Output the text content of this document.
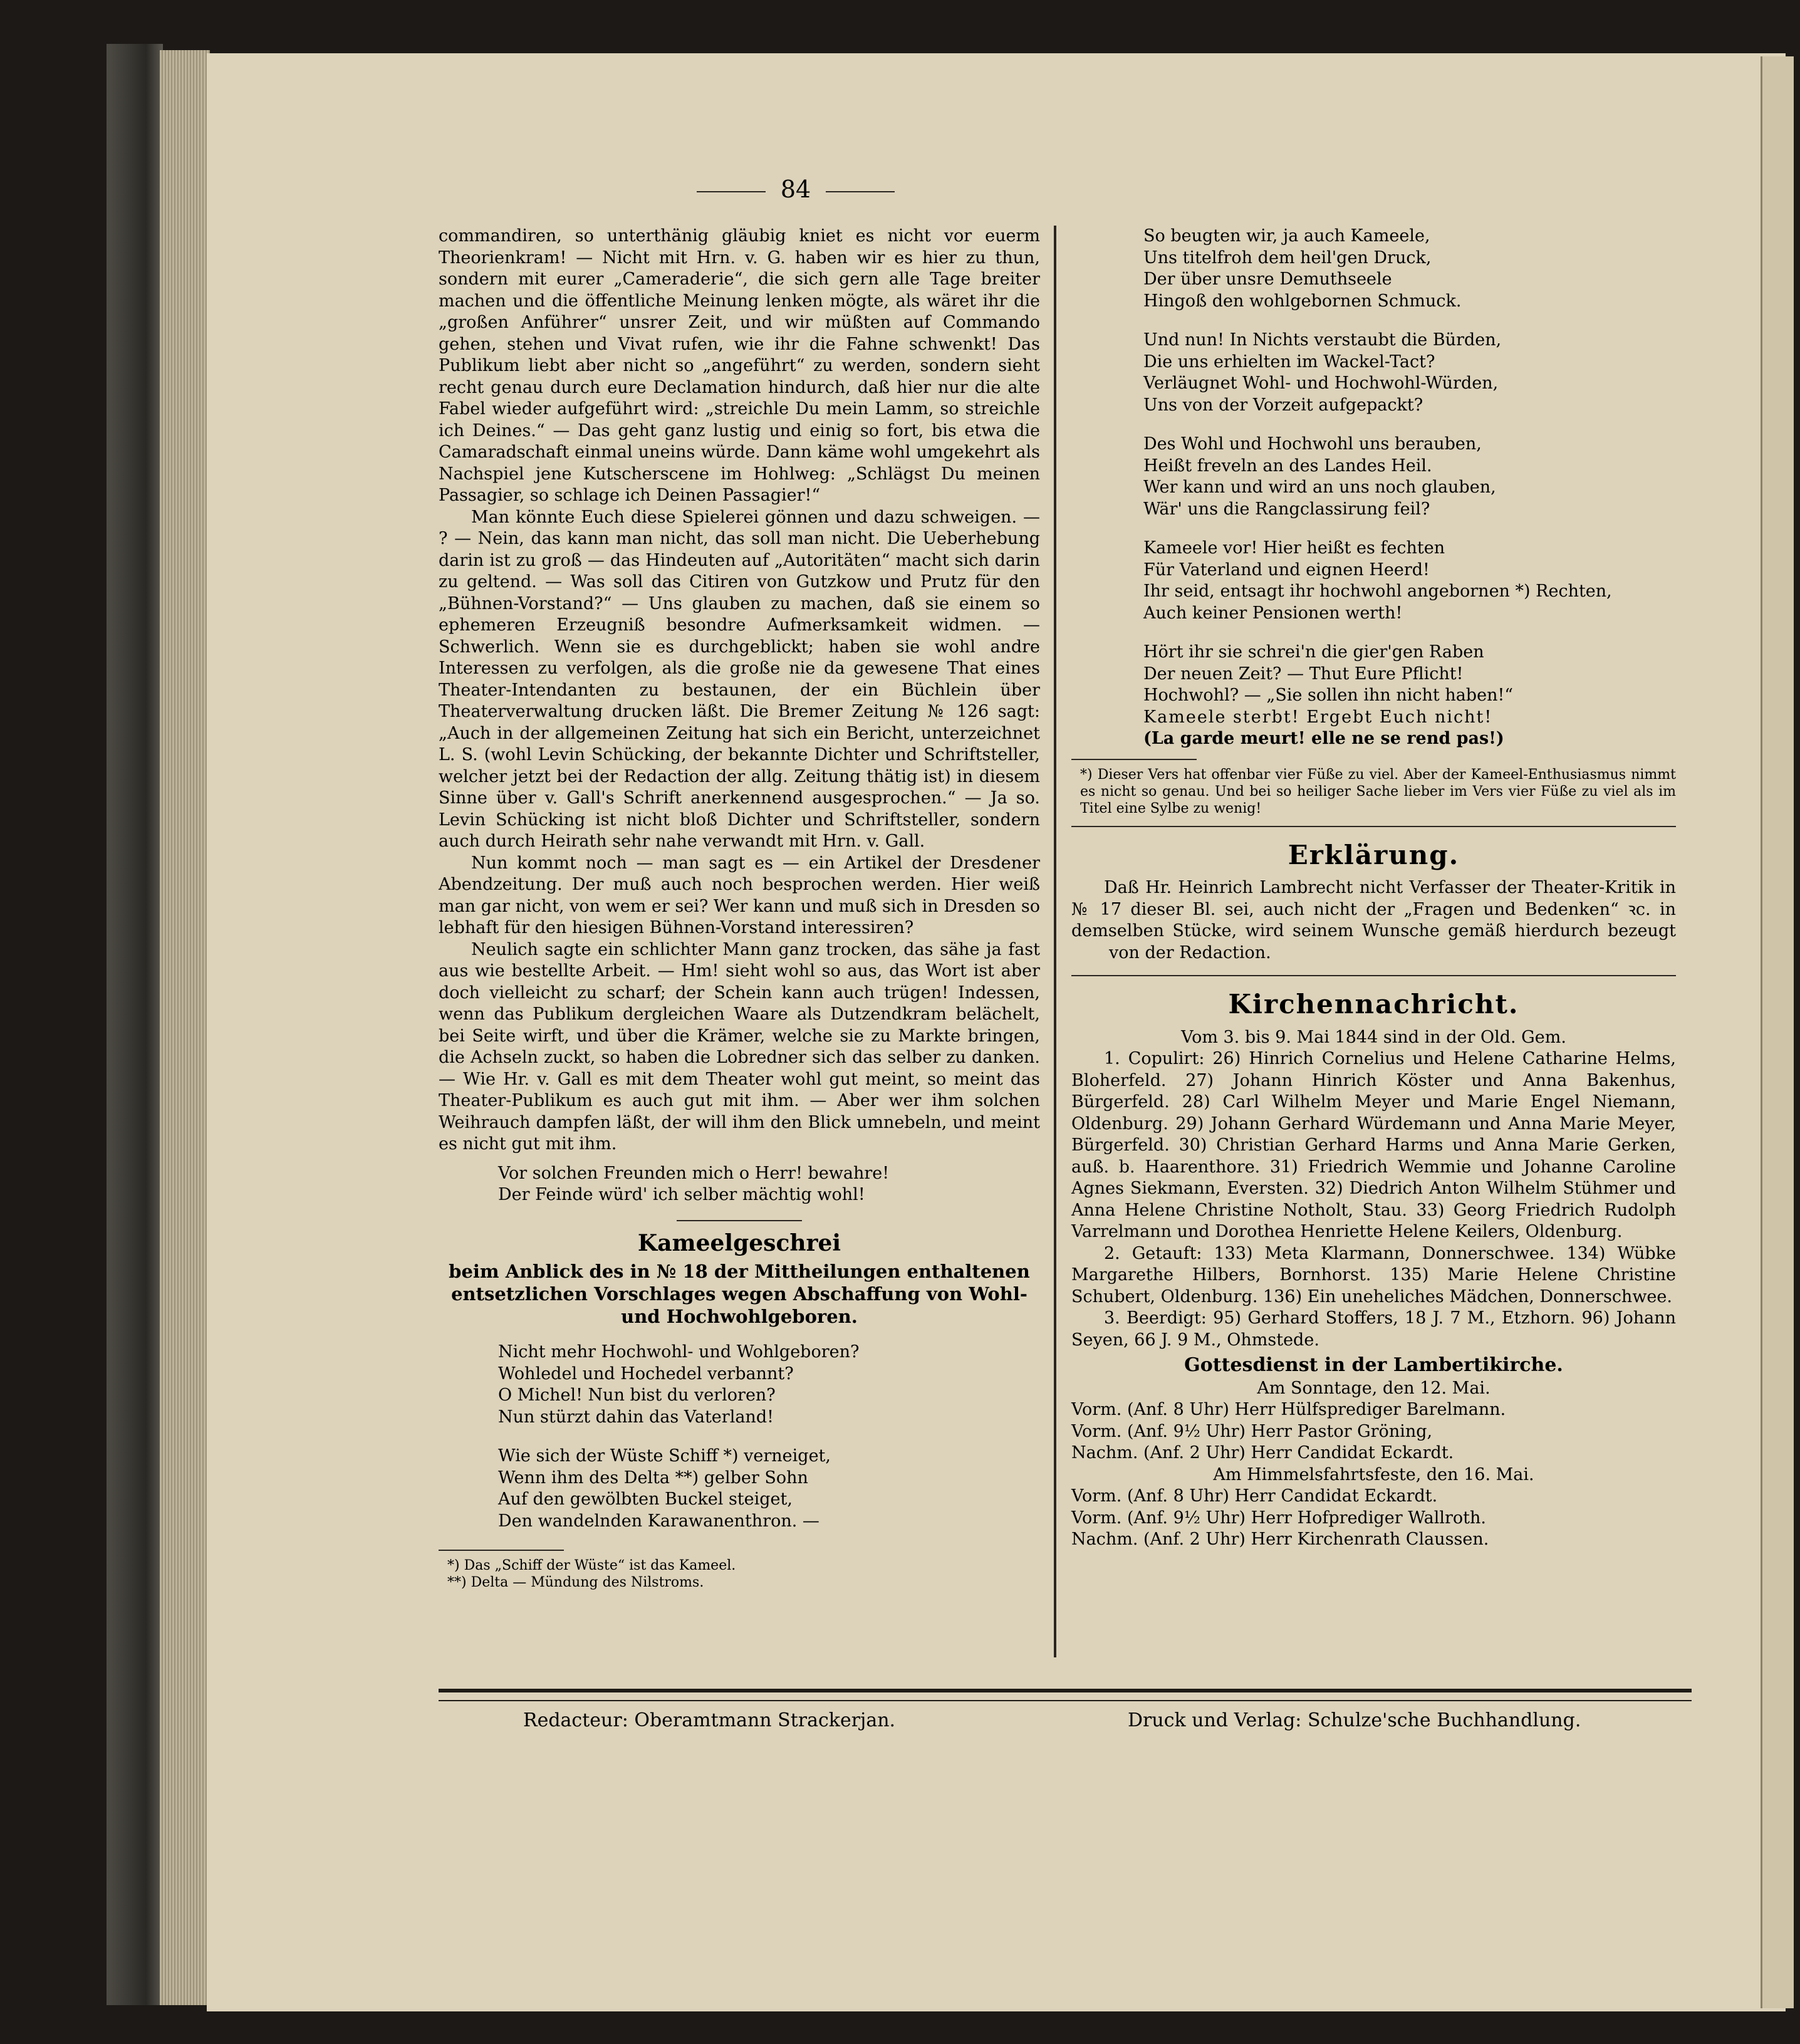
84

commandiren, so unterthänig gläubig kniet es nicht vor euerm Theorienkram! — Nicht mit Hrn. v. G. haben wir es hier zu thun, sondern mit eurer „Cameraderie“, die sich gern alle Tage breiter machen und die öffentliche Meinung lenken mögte, als wäret ihr die „großen Anführer“ unsrer Zeit, und wir müßten auf Commando gehen, stehen und Vivat rufen, wie ihr die Fahne schwenkt! Das Publikum liebt aber nicht so „angeführt“ zu werden, sondern sieht recht genau durch eure Declamation hindurch, daß hier nur die alte Fabel wieder aufgeführt wird: „streichle Du mein Lamm, so streichle ich Deines.“ — Das geht ganz lustig und einig so fort, bis etwa die Camaradschaft einmal uneins würde. Dann käme wohl umgekehrt als Nachspiel jene Kutscherscene im Hohlweg: „Schlägst Du meinen Passagier, so schlage ich Deinen Passagier!“

Man könnte Euch diese Spielerei gönnen und dazu schweigen. — ? — Nein, das kann man nicht, das soll man nicht. Die Ueberhebung darin ist zu groß — das Hindeuten auf „Autoritäten“ macht sich darin zu geltend. — Was soll das Citiren von Gutzkow und Prutz für den „Bühnen-Vorstand?“ — Uns glauben zu machen, daß sie einem so ephemeren Erzeugniß besondre Aufmerksamkeit widmen. — Schwerlich. Wenn sie es durchgeblickt; haben sie wohl andre Interessen zu verfolgen, als die große nie da gewesene That eines Theater-Intendanten zu bestaunen, der ein Büchlein über Theaterverwaltung drucken läßt. Die Bremer Zeitung № 126 sagt: „Auch in der allgemeinen Zeitung hat sich ein Bericht, unterzeichnet L. S. (wohl Levin Schücking, der bekannte Dichter und Schriftsteller, welcher jetzt bei der Redaction der allg. Zeitung thätig ist) in diesem Sinne über v. Gall's Schrift anerkennend ausgesprochen.“ — Ja so. Levin Schücking ist nicht bloß Dichter und Schriftsteller, sondern auch durch Heirath sehr nahe verwandt mit Hrn. v. Gall.

Nun kommt noch — man sagt es — ein Artikel der Dresdener Abendzeitung. Der muß auch noch besprochen werden. Hier weiß man gar nicht, von wem er sei? Wer kann und muß sich in Dresden so lebhaft für den hiesigen Bühnen-Vorstand interessiren?

Neulich sagte ein schlichter Mann ganz trocken, das sähe ja fast aus wie bestellte Arbeit. — Hm! sieht wohl so aus, das Wort ist aber doch vielleicht zu scharf; der Schein kann auch trügen! Indessen, wenn das Publikum dergleichen Waare als Dutzendkram belächelt, bei Seite wirft, und über die Krämer, welche sie zu Markte bringen, die Achseln zuckt, so haben die Lobredner sich das selber zu danken. — Wie Hr. v. Gall es mit dem Theater wohl gut meint, so meint das Theater-Publikum es auch gut mit ihm. — Aber wer ihm solchen Weihrauch dampfen läßt, der will ihm den Blick umnebeln, und meint es nicht gut mit ihm.

Vor solchen Freunden mich o Herr! bewahre!
Der Feinde würd' ich selber mächtig wohl!
Kameelgeschrei
beim Anblick des in № 18 der Mittheilungen enthaltenen entsetzlichen Vorschlages wegen Abschaffung von Wohl- und Hochwohlgeboren.
Nicht mehr Hochwohl- und Wohlgeboren?
Wohledel und Hochedel verbannt?
O Michel! Nun bist du verloren?
Nun stürzt dahin das Vaterland!
Wie sich der Wüste Schiff *) verneiget,
Wenn ihm des Delta **) gelber Sohn
Auf den gewölbten Buckel steiget,
Den wandelnden Karawanenthron. —
*) Das „Schiff der Wüste“ ist das Kameel.
**) Delta — Mündung des Nilstroms.
So beugten wir, ja auch Kameele,
Uns titelfroh dem heil'gen Druck,
Der über unsre Demuthseele
Hingoß den wohlgebornen Schmuck.
Und nun! In Nichts verstaubt die Bürden,
Die uns erhielten im Wackel-Tact?
Verläugnet Wohl- und Hochwohl-Würden,
Uns von der Vorzeit aufgepackt?
Des Wohl und Hochwohl uns berauben,
Heißt freveln an des Landes Heil.
Wer kann und wird an uns noch glauben,
Wär' uns die Rangclassirung feil?
Kameele vor! Hier heißt es fechten
Für Vaterland und eignen Heerd!
Ihr seid, entsagt ihr hochwohl angebornen *) Rechten,
Auch keiner Pensionen werth!
Hört ihr sie schrei'n die gier'gen Raben
Der neuen Zeit? — Thut Eure Pflicht!
Hochwohl? — „Sie sollen ihn nicht haben!“
Kameele sterbt! Ergebt Euch nicht!
(La garde meurt! elle ne se rend pas!)
*) Dieser Vers hat offenbar vier Füße zu viel. Aber der Kameel-Enthusiasmus nimmt es nicht so genau. Und bei so heiliger Sache lieber im Vers vier Füße zu viel als im Titel eine Sylbe zu wenig!
Erklärung.

Daß Hr. Heinrich Lambrecht nicht Verfasser der Theater-Kritik in № 17 dieser Bl. sei, auch nicht der „Fragen und Bedenken“ ꝛc. in demselben Stücke, wird seinem Wunsche gemäß hierdurch bezeugt von der Redaction.

Kirchennachricht.
Vom 3. bis 9. Mai 1844 sind in der Old. Gem.

1. Copulirt: 26) Hinrich Cornelius und Helene Catharine Helms, Bloherfeld. 27) Johann Hinrich Köster und Anna Bakenhus, Bürgerfeld. 28) Carl Wilhelm Meyer und Marie Engel Niemann, Oldenburg. 29) Johann Gerhard Würdemann und Anna Marie Meyer, Bürgerfeld. 30) Christian Gerhard Harms und Anna Marie Gerken, auß. b. Haarenthore. 31) Friedrich Wemmie und Johanne Caroline Agnes Siekmann, Eversten. 32) Diedrich Anton Wilhelm Stühmer und Anna Helene Christine Notholt, Stau. 33) Georg Friedrich Rudolph Varrelmann und Dorothea Henriette Helene Keilers, Oldenburg.

2. Getauft: 133) Meta Klarmann, Donnerschwee. 134) Wübke Margarethe Hilbers, Bornhorst. 135) Marie Helene Christine Schubert, Oldenburg. 136) Ein uneheliches Mädchen, Donnerschwee.

3. Beerdigt: 95) Gerhard Stoffers, 18 J. 7 M., Etzhorn. 96) Johann Seyen, 66 J. 9 M., Ohmstede.

Gottesdienst in der Lambertikirche.
Am Sonntage, den 12. Mai.
Vorm. (Anf. 8 Uhr) Herr Hülfsprediger Barelmann.
Vorm. (Anf. 9½ Uhr) Herr Pastor Gröning,
Nachm. (Anf. 2 Uhr) Herr Candidat Eckardt.
Am Himmelsfahrtsfeste, den 16. Mai.
Vorm. (Anf. 8 Uhr) Herr Candidat Eckardt.
Vorm. (Anf. 9½ Uhr) Herr Hofprediger Wallroth.
Nachm. (Anf. 2 Uhr) Herr Kirchenrath Claussen.
Redacteur: Oberamtmann Strackerjan.	Druck und Verlag: Schulze'sche Buchhandlung.
